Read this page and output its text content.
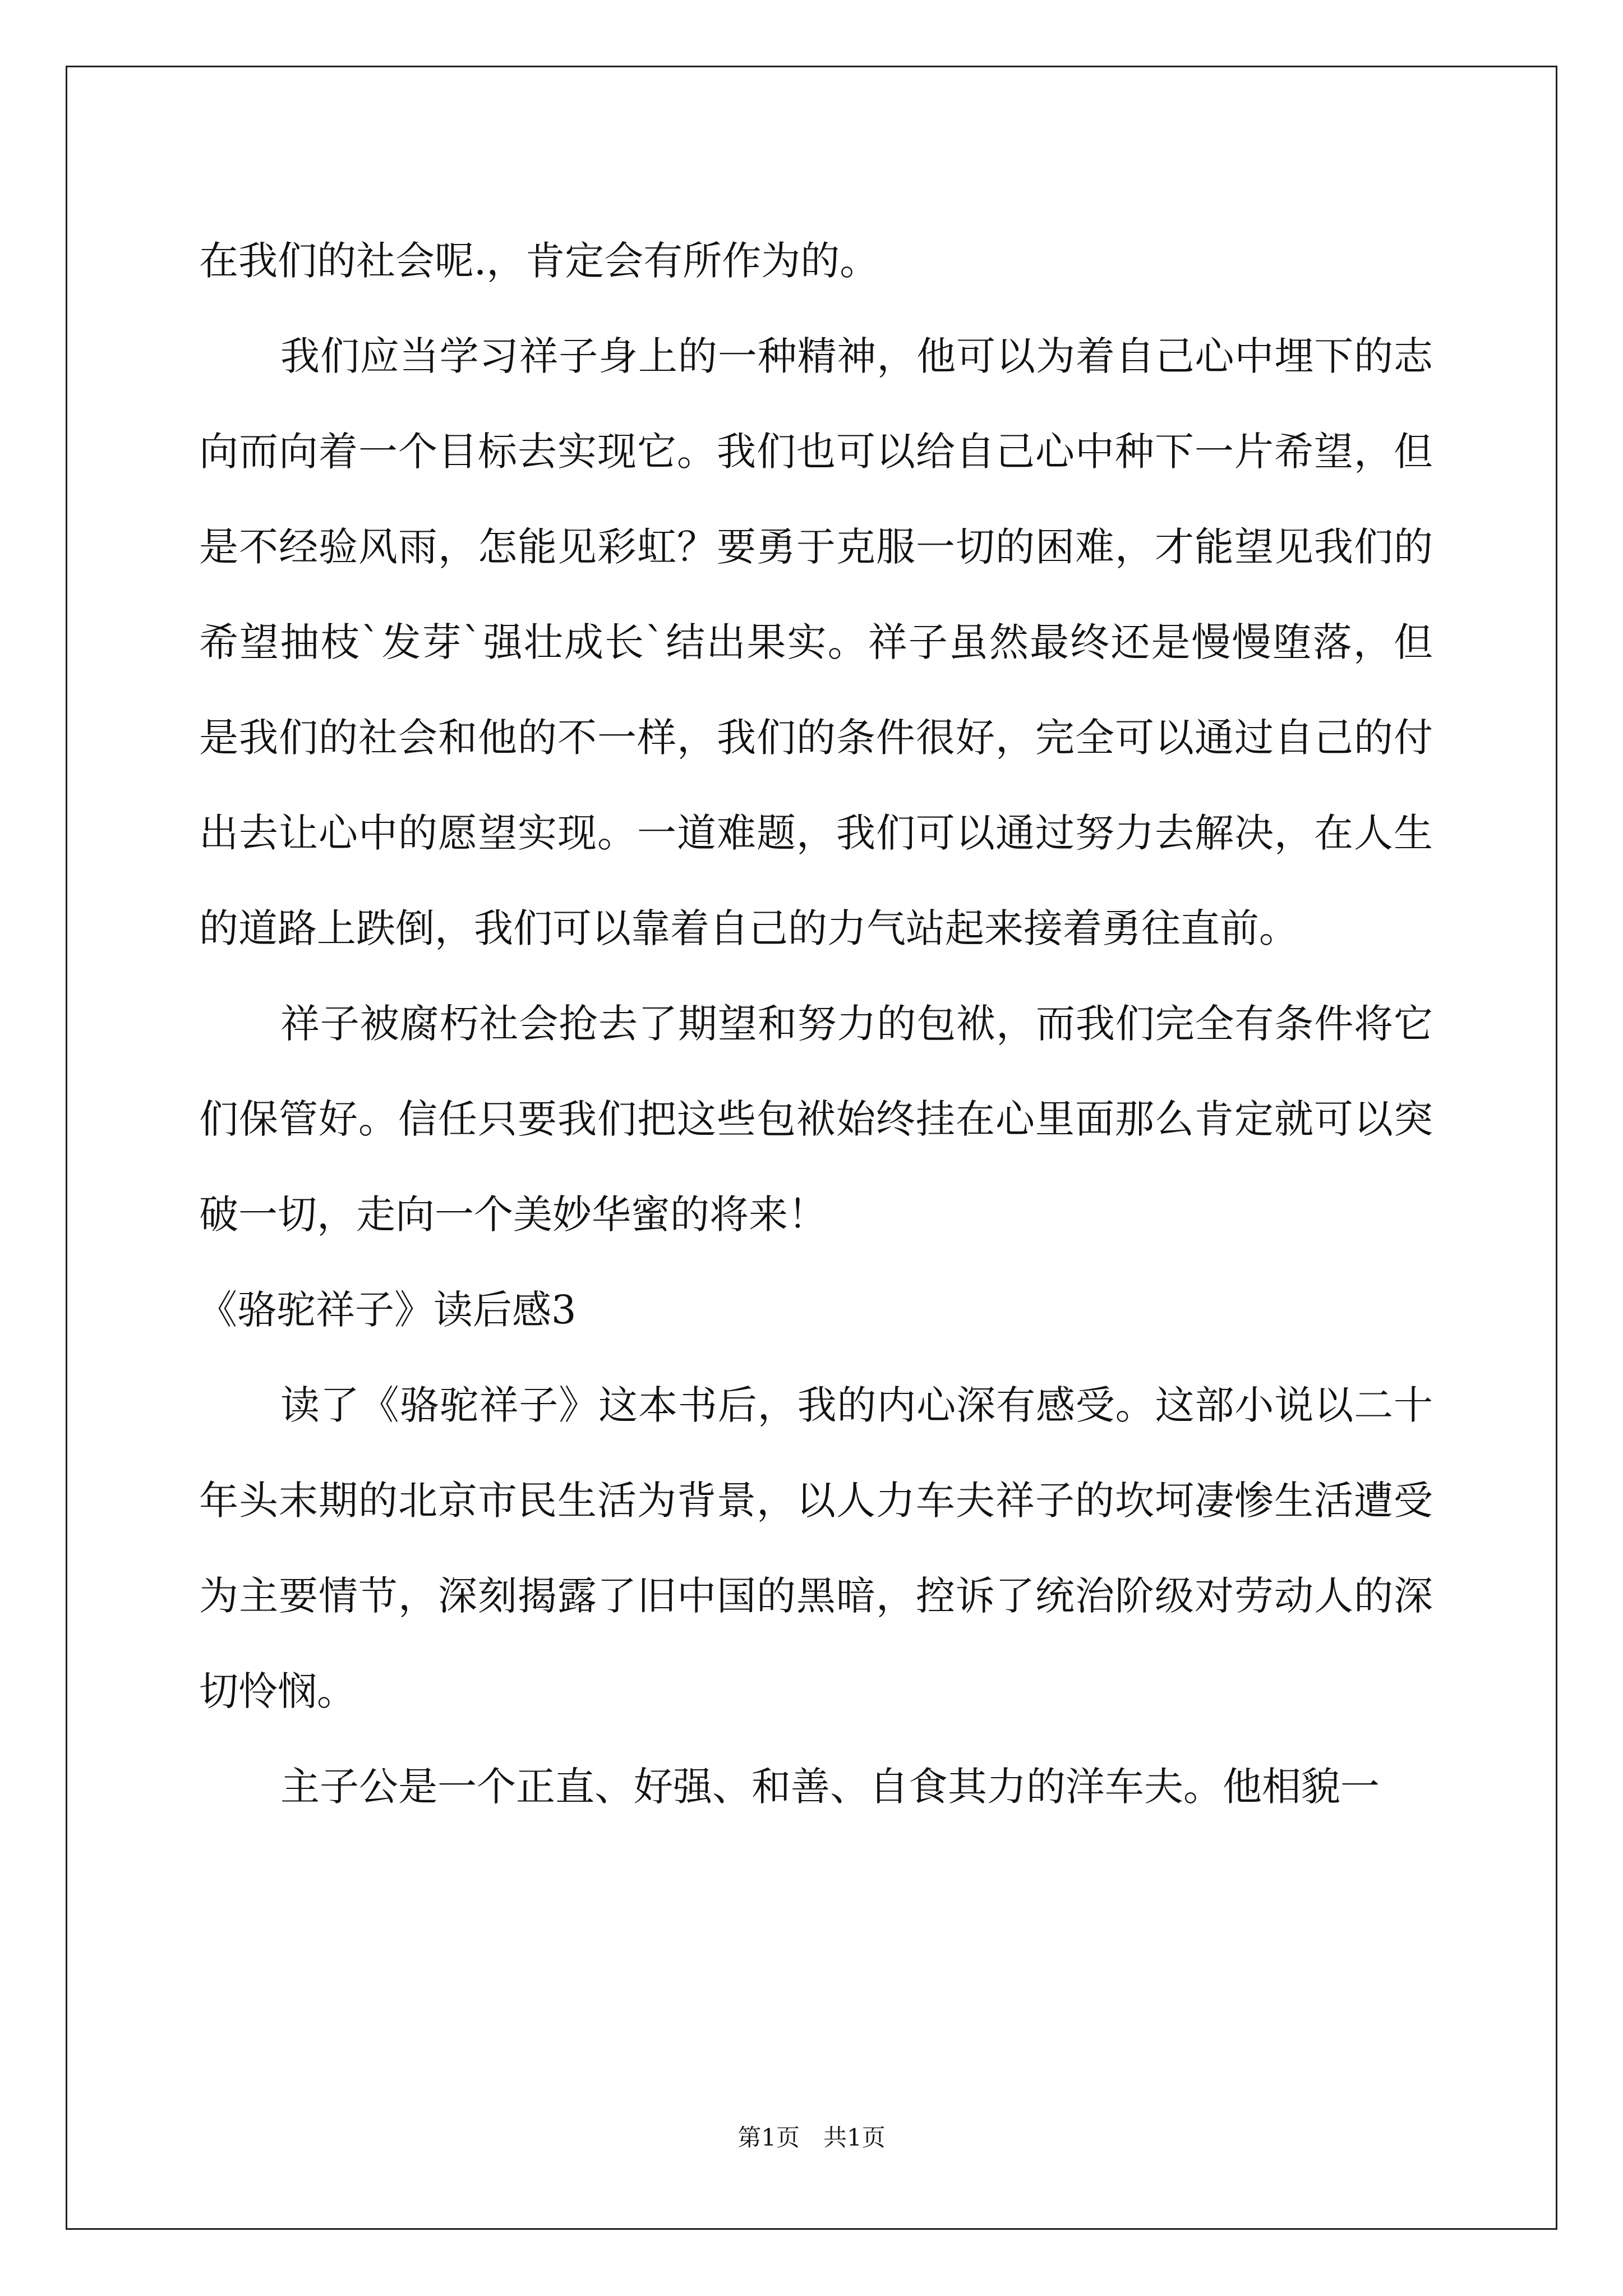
在我们的社会呢.，肯定会有所作为的。

我们应当学习祥子身上的一种精神，他可以为着自己心中埋下的志向而向着一个目标去实现它。我们也可以给自己心中种下一片希望，但是不经验风雨，怎能见彩虹？要勇于克服一切的困难，才能望见我们的希望抽枝`发芽`强壮成长`结出果实。祥子虽然最终还是慢慢堕落，但是我们的社会和他的不一样，我们的条件很好，完全可以通过自己的付出去让心中的愿望实现。一道难题，我们可以通过努力去解决，在人生的道路上跌倒，我们可以靠着自己的力气站起来接着勇往直前。

祥子被腐朽社会抢去了期望和努力的包袱，而我们完全有条件将它们保管好。信任只要我们把这些包袱始终挂在心里面那么肯定就可以突破一切，走向一个美妙华蜜的将来！

《骆驼祥子》读后感3

读了《骆驼祥子》这本书后，我的内心深有感受。这部小说以二十年头末期的北京市民生活为背景，以人力车夫祥子的坎坷凄惨生活遭受为主要情节，深刻揭露了旧中国的黑暗，控诉了统治阶级对劳动人的深切怜悯。

主子公是一个正直、好强、和善、自食其力的洋车夫。他相貌一

第1页　共1页
